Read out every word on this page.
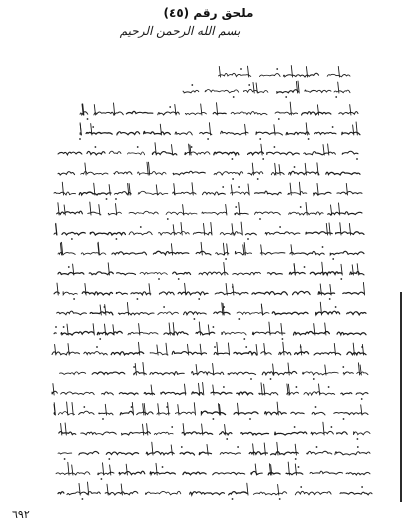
ملحق رقم (٤٥)
بسم الله الرحمن الرحيم
٦٩٢
